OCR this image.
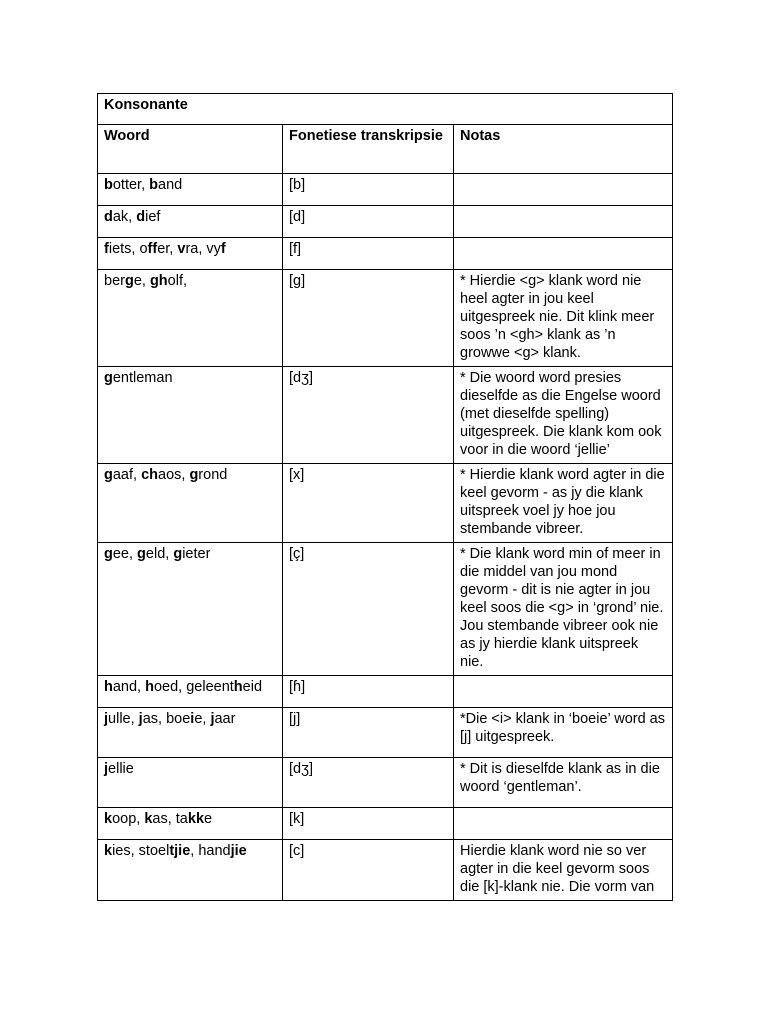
Konsonante		
Woord	Fonetiese transkripsie	Notas
botter, band	[b]	
dak, dief	[d]	
fiets, offer, vra, vyf	[f]	
berge, gholf,	[g]	* Hierdie <g> klank word nie heel agter in jou keel uitgespreek nie. Dit klink meer soos ’n <gh> klank as ’n growwe <g> klank.
gentleman	[dʒ]	* Die woord word presies dieselfde as die Engelse woord (met dieselfde spelling) uitgespreek. Die klank kom ook voor in die woord ‘jellie’
gaaf, chaos, grond	[x]	* Hierdie klank word agter in die keel gevorm - as jy die klank uitspreek voel jy hoe jou stembande vibreer.
gee, geld, gieter	[ç]	* Die klank word min of meer in die middel van jou mond gevorm - dit is nie agter in jou keel soos die <g> in ‘grond’ nie. Jou stembande vibreer ook nie as jy hierdie klank uitspreek nie.
hand, hoed, geleentheid	[ɦ]	
julle, jas, boeie, jaar	[j]	*Die <i> klank in ‘boeie’ word as [j] uitgespreek.
jellie	[dʒ]	* Dit is dieselfde klank as in die woord ‘gentleman’.
koop, kas, takke	[k]	
kies, stoeltjie, handjie	[c]	Hierdie klank word nie so ver agter in die keel gevorm soos die [k]-klank nie. Die vorm van
